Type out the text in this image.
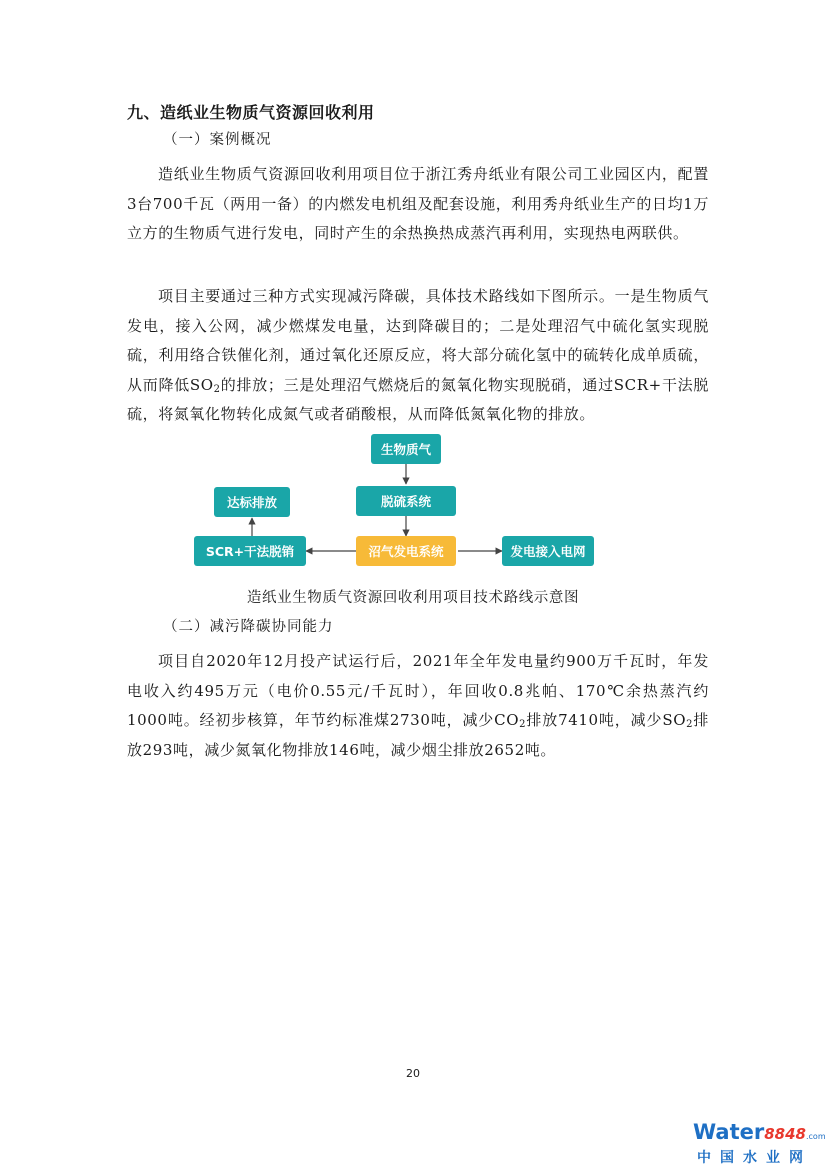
九、造纸业生物质气资源回收利用
（一）案例概况

造纸业生物质气资源回收利用项目位于浙江秀舟纸业有限公司工业园区内，配置3台700千瓦（两用一备）的内燃发电机组及配套设施，利用秀舟纸业生产的日均1万立方的生物质气进行发电，同时产生的余热换热成蒸汽再利用，实现热电两联供。

项目主要通过三种方式实现减污降碳，具体技术路线如下图所示。一是生物质气发电，接入公网，减少燃煤发电量，达到降碳目的；二是处理沼气中硫化氢实现脱硫，利用络合铁催化剂，通过氧化还原反应，将大部分硫化氢中的硫转化成单质硫，从而降低$SO_2$的排放；三是处理沼气燃烧后的氮氧化物实现脱硝，通过SCR+干法脱硫，将氮氧化物转化成氮气或者硝酸根，从而降低氮氧化物的排放。

生物质气
脱硫系统
沼气发电系统	发电接入电网
SCR+干法脱销
达标排放
造纸业生物质气资源回收利用项目技术路线示意图
（二）减污降碳协同能力

项目自2020年12月投产试运行后，2021年全年发电量约900万千瓦时，年发电收入约495万元（电价0.55元/千瓦时），年回收0.8兆帕、170℃余热蒸汽约1000吨。经初步核算，年节约标准煤2730吨，减少$CO_2$排放7410吨，减少$SO_2$排放293吨，减少氮氧化物排放146吨，减少烟尘排放2652吨。

20
Water8848.com
中国水业网
